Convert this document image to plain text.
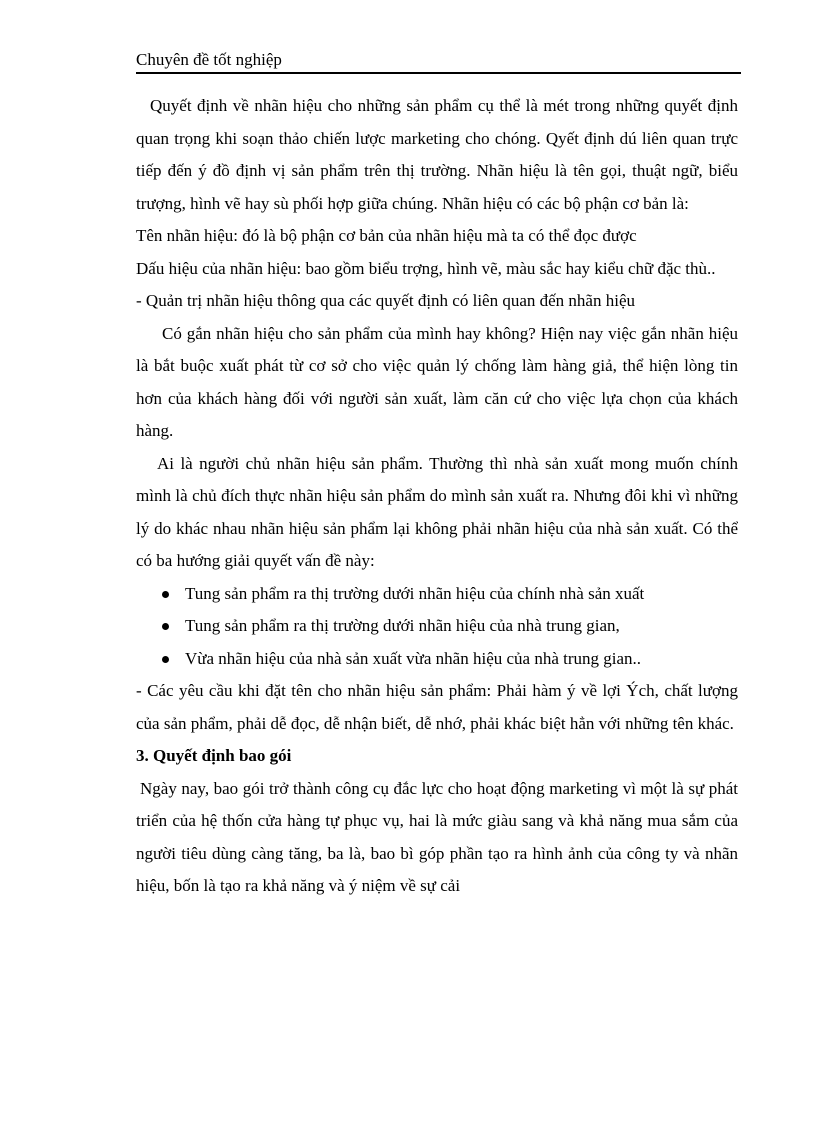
Chuyên đề tốt nghiệp

Quyết định về nhãn hiệu cho những sản phẩm cụ thể là mét trong những quyết định quan trọng khi soạn thảo chiến lược marketing cho chóng. Qyết định dú liên quan trực tiếp đến ý đồ định vị sản phẩm trên thị trường. Nhãn hiệu là tên gọi, thuật ngữ, biểu trượng, hình vẽ hay sù phối hợp giữa chúng. Nhãn hiệu có các bộ phận cơ bản là:

Tên nhãn hiệu: đó là bộ phận cơ bản của nhãn hiệu mà ta có thể đọc được

Dấu hiệu của nhãn hiệu: bao gồm biểu trợng, hình vẽ, màu sắc hay kiểu chữ đặc thù..

- Quản trị nhãn hiệu thông qua các quyết định có liên quan đến nhãn hiệu

Có gắn nhãn hiệu cho sản phẩm của mình hay không? Hiện nay việc gắn nhãn hiệu là bắt buộc xuất phát từ cơ sở cho việc quản lý chống làm hàng giả, thể hiện lòng tin hơn của khách hàng đối với người sản xuất, làm căn cứ cho việc lựa chọn của khách hàng.

Ai là người chủ nhãn hiệu sản phẩm. Thường thì nhà sản xuất mong muốn chính mình là chủ đích thực nhãn hiệu sản phẩm do mình sản xuất ra. Nhưng đôi khi vì những lý do khác nhau nhãn hiệu sản phẩm lại không phải nhãn hiệu của nhà sản xuất. Có thể có ba hướng giải quyết vấn đề này:

Tung sản phẩm ra thị trường dưới nhãn hiệu của chính nhà sản xuất
Tung sản phẩm ra thị trường dưới nhãn hiệu của nhà trung gian,
Vừa nhãn hiệu của nhà sản xuất vừa nhãn hiệu của nhà trung gian..

- Các yêu cầu khi đặt tên cho nhãn hiệu sản phẩm: Phải hàm ý về lợi Ých, chất lượng của sản phẩm, phải dễ đọc, dễ nhận biết, dễ nhớ, phải khác biệt hẳn với những tên khác.

3. Quyết định bao gói

Ngày nay, bao gói trở thành công cụ đắc lực cho hoạt động marketing vì một là sự phát triển của hệ thốn cửa hàng tự phục vụ, hai là mức giàu sang và khả năng mua sắm của người tiêu dùng càng tăng, ba là, bao bì góp phần tạo ra hình ảnh của công ty và nhãn hiệu, bốn là tạo ra khả năng và ý niệm về sự cải
